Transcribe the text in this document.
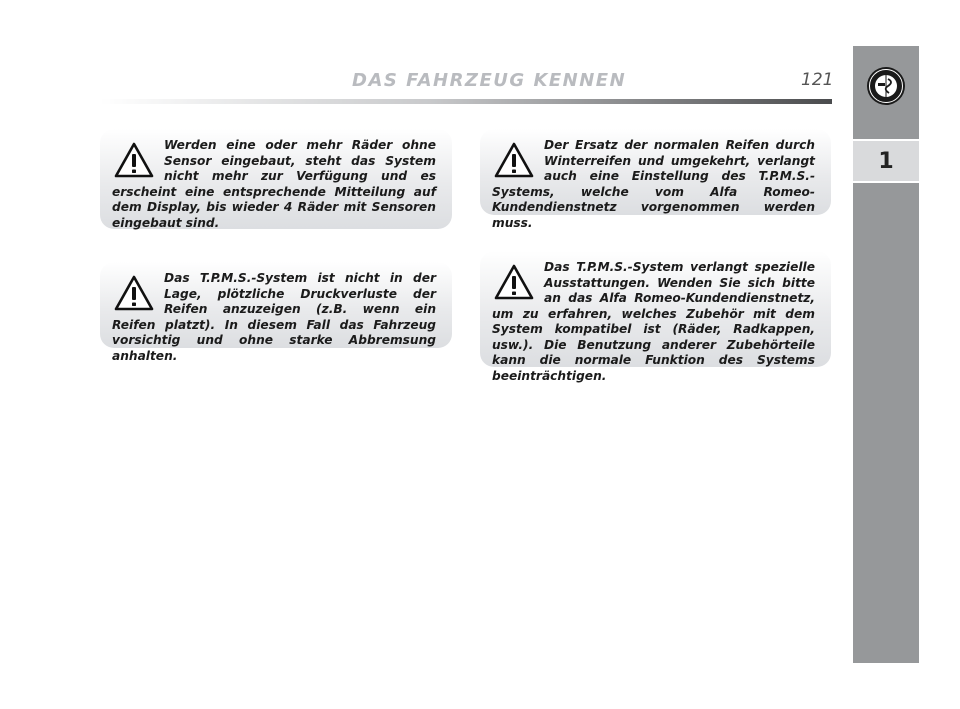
DAS FAHRZEUG KENNEN	121
1
Werden eine oder mehr Räder ohne Sensor eingebaut, steht das System nicht mehr zur Verfügung und es erscheint eine entsprechende Mitteilung auf dem Display, bis wieder 4 Räder mit Sensoren eingebaut sind.
Das T.P.M.S.-System ist nicht in der Lage, plötzliche Druckverluste der Reifen anzuzeigen (z.B. wenn ein Reifen platzt). In diesem Fall das Fahrzeug vorsichtig und ohne starke Abbremsung anhalten.
Der Ersatz der normalen Reifen durch Winterreifen und umgekehrt, verlangt auch eine Einstellung des T.P.M.S.-Systems, welche vom Alfa Romeo-Kundendienstnetz vorgenommen werden muss.
Das T.P.M.S.-System verlangt spezielle Ausstattungen. Wenden Sie sich bitte an das Alfa Romeo-Kundendienstnetz, um zu erfahren, welches Zubehör mit dem System kompatibel ist (Räder, Radkappen, usw.). Die Benutzung anderer Zubehörteile kann die normale Funktion des Systems beeinträchtigen.
